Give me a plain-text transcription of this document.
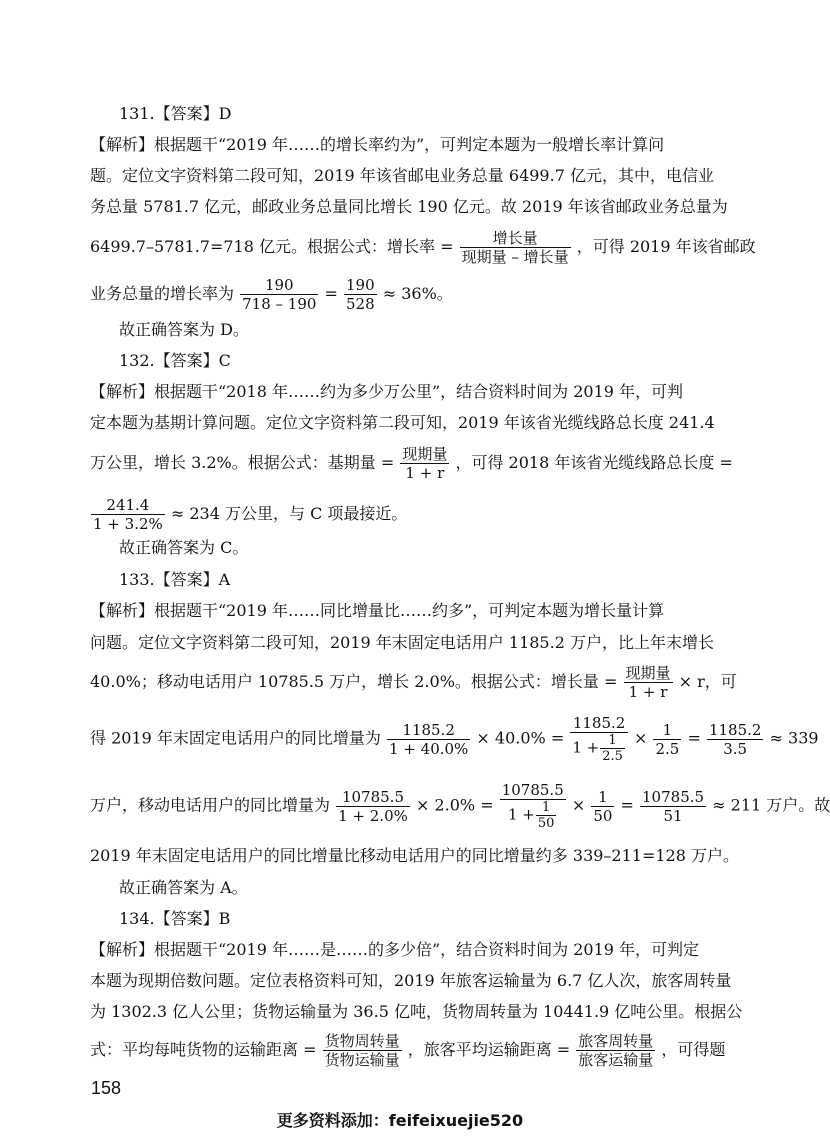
131.【答案】D
【解析】根据题干“2019 年……的增长率约为”，可判定本题为一般增长率计算问
题。定位文字资料第二段可知，2019 年该省邮电业务总量 6499.7 亿元，其中，电信业
务总量 5781.7 亿元，邮政业务总量同比增长 190 亿元。故 2019 年该省邮政业务总量为
6499.7–5781.7=718 亿元。根据公式：增长率 = $\frac{\text{增长量}}{\text{现期量 – 增长量}}$ ，可得 2019 年该省邮政
业务总量的增长率为 $\frac{190}{718 - 190} = \frac{190}{528} \approx 36\%$。
故正确答案为 D。
132.【答案】C
【解析】根据题干“2018 年……约为多少万公里”，结合资料时间为 2019 年，可判
定本题为基期计算问题。定位文字资料第二段可知，2019 年该省光缆线路总长度 241.4
万公里，增长 3.2%。根据公式：基期量 = $\frac{\text{现期量}}{1 + r}$ ，可得 2018 年该省光缆线路总长度 =
$\frac{241.4}{1 + 3.2\%} \approx 234$ 万公里，与 C 项最接近。
故正确答案为 C。
133.【答案】A
【解析】根据题干“2019 年……同比增量比……约多”，可判定本题为增长量计算
问题。定位文字资料第二段可知，2019 年末固定电话用户 1185.2 万户，比上年末增长
40.0%；移动电话用户 10785.5 万户，增长 2.0%。根据公式：增长量 = $\frac{\text{现期量}}{1 + r} \times r$，可
得 2019 年末固定电话用户的同比增量为 $\frac{1185.2}{1 + 40.0\%} \times 40.0\% = \frac{1185.2}{1 + \frac{1}{2.5}} \times \frac{1}{2.5} = \frac{1185.2}{3.5} \approx 339$
万户，移动电话用户的同比增量为 $\frac{10785.5}{1 + 2.0\%} \times 2.0\% = \frac{10785.5}{1 + \frac{1}{50}} \times \frac{1}{50} = \frac{10785.5}{51} \approx 211$ 万户。故
2019 年末固定电话用户的同比增量比移动电话用户的同比增量约多 339–211=128 万户。
故正确答案为 A。
134.【答案】B
【解析】根据题干“2019 年……是……的多少倍”，结合资料时间为 2019 年，可判定
本题为现期倍数问题。定位表格资料可知，2019 年旅客运输量为 6.7 亿人次，旅客周转量
为 1302.3 亿人公里；货物运输量为 36.5 亿吨，货物周转量为 10441.9 亿吨公里。根据公
式：平均每吨货物的运输距离 = $\frac{\text{货物周转量}}{\text{货物运输量}}$ ，旅客平均运输距离 = $\frac{\text{旅客周转量}}{\text{旅客运输量}}$ ，可得题
158
更多资料添加：feifeixuejie520
